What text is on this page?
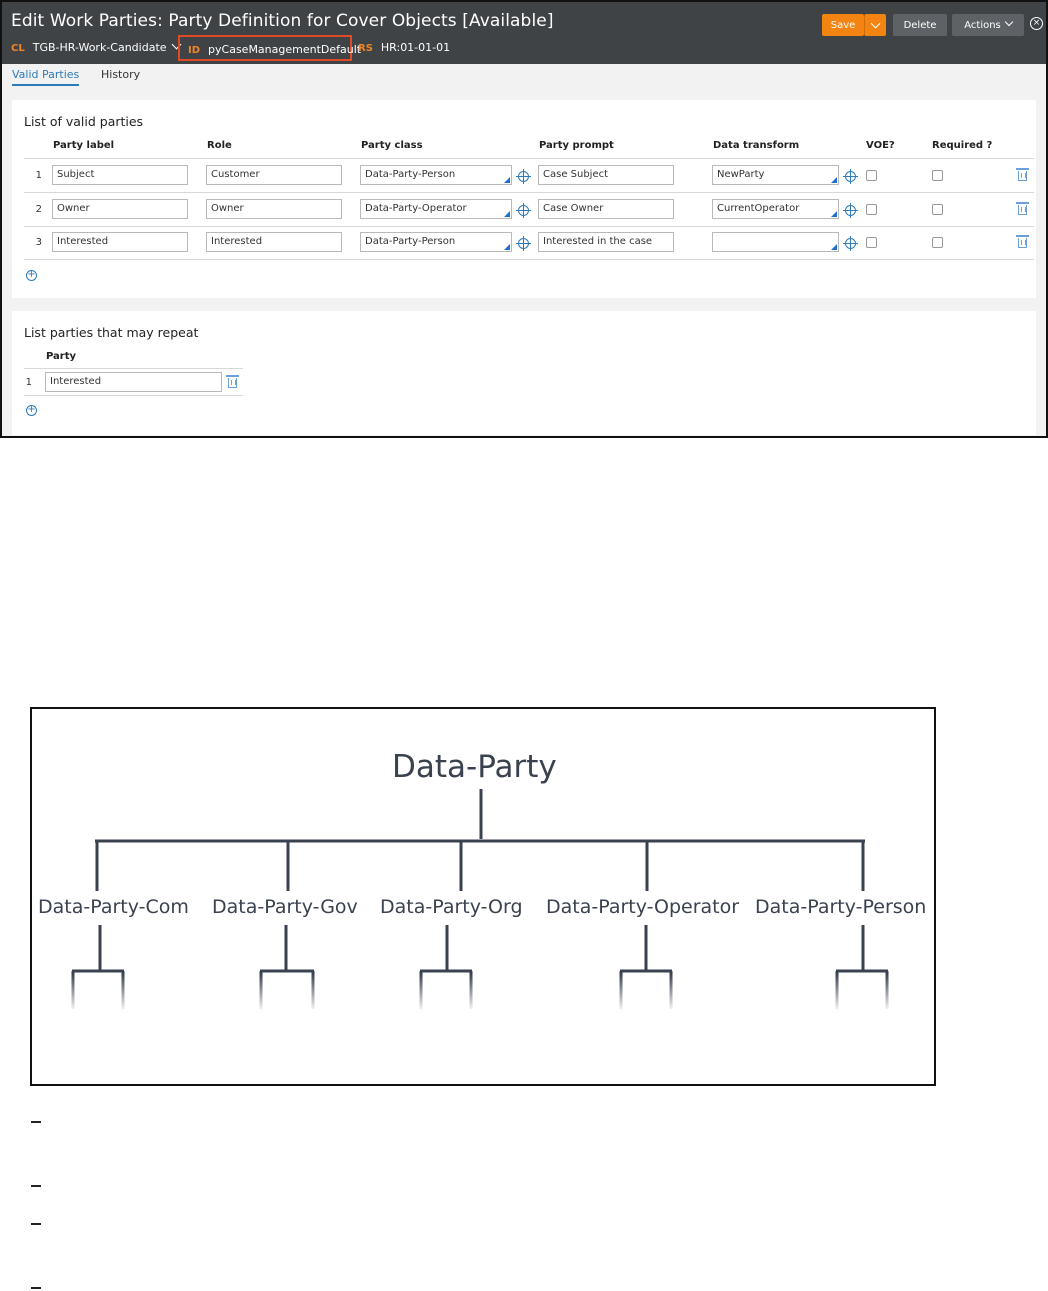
Edit Work Parties: Party Definition for Cover Objects [Available]
CL TGB-HR-Work-Candidate	ID pyCaseManagementDefault
RS HR:01-01-01
Save	Delete	Actions	×
Valid Parties History
List of valid parties
Party label	Role	Party class	Party prompt	Data transform	VOE?	Required ?
1	Subject	Customer	Data-Party-Person	Case Subject	NewParty
2	Owner	Owner	Data-Party-Operator	Case Owner	CurrentOperator
3	Interested	Interested	Data-Party-Person	Interested in the case
+
List parties that may repeat
Party
1	Interested
+
Data-Party
Data-Party-Com Data-Party-Gov Data-Party-Org Data-Party-Operator Data-Party-Person
